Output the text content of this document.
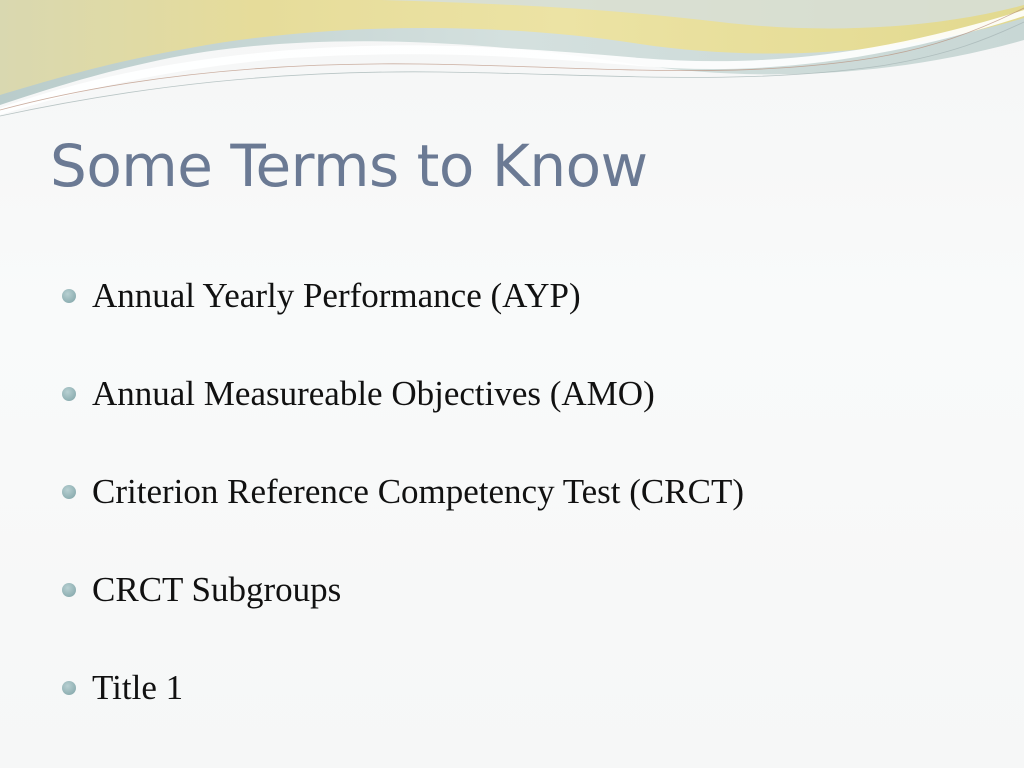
Some Terms to Know
Annual Yearly Performance (AYP)
Annual Measureable Objectives (AMO)
Criterion Reference Competency Test (CRCT)
CRCT Subgroups
Title 1
